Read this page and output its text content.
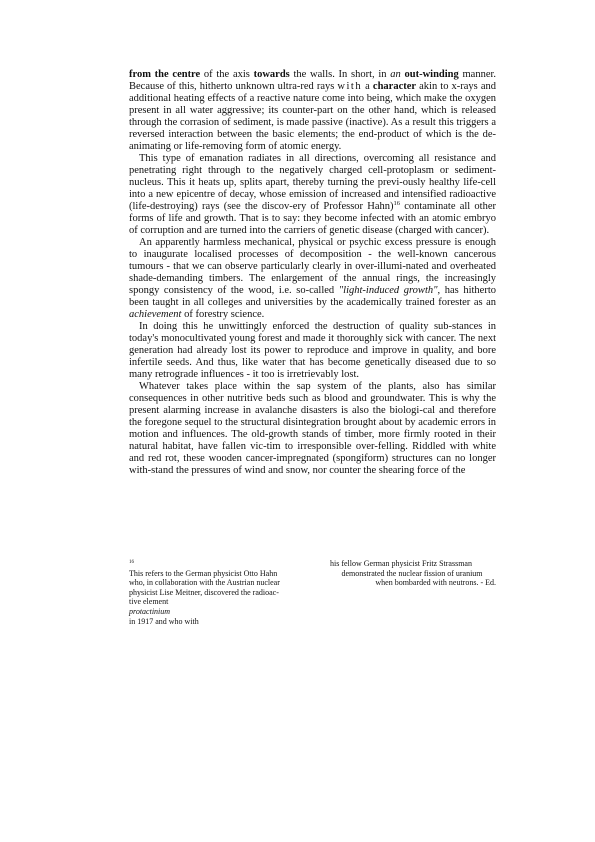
from the centre of the axis towards the walls. In short, in an out-winding manner. Because of this, hitherto unknown ultra-red rays with a character akin to x-rays and additional heating effects of a reactive nature come into being, which make the oxygen present in all water aggressive; its counter-part on the other hand, which is released through the corrasion of sediment, is made passive (inactive). As a result this triggers a reversed interaction between the basic elements; the end-product of which is the de-animating or life-removing form of atomic energy.

This type of emanation radiates in all directions, overcoming all resistance and penetrating right through to the negatively charged cell-protoplasm or sediment-nucleus. This it heats up, splits apart, thereby turning the previ-ously healthy life-cell into a new epicentre of decay, whose emission of increased and intensified radioactive (life-destroying) rays (see the discov-ery of Professor Hahn)$^{16}$ contaminate all other forms of life and growth. That is to say: they become infected with an atomic embryo of corruption and are turned into the carriers of genetic disease (charged with cancer).

An apparently harmless mechanical, physical or psychic excess pressure is enough to inaugurate localised processes of decomposition - the well-known cancerous tumours - that we can observe particularly clearly in over-illumi-nated and overheated shade-demanding timbers. The enlargement of the annual rings, the increasingly spongy consistency of the wood, i.e. so-called "light-induced growth", has hitherto been taught in all colleges and universities by the academically trained forester as an achievement of forestry science.

In doing this he unwittingly enforced the destruction of quality sub-stances in today's monocultivated young forest and made it thoroughly sick with cancer. The next generation had already lost its power to reproduce and improve in quality, and bore infertile seeds. And thus, like water that has become genetically diseased due to so many retrograde influences - it too is irretrievably lost.

Whatever takes place within the sap system of the plants, also has similar consequences in other nutritive beds such as blood and groundwater. This is why the present alarming increase in avalanche disasters is also the biologi-cal and therefore the foregone sequel to the structural disintegration brought about by academic errors in motion and influences. The old-growth stands of timber, more firmly rooted in their natural habitat, have fallen vic-tim to irresponsible over-felling. Riddled with white and red rot, these wooden cancer-impregnated (spongiform) structures can no longer with-stand the pressures of wind and snow, nor counter the shearing force of the

$^{16}$
This refers to the German physicist Otto Hahn
who, in collaboration with the Austrian nuclear
physicist Lise Meitner, discovered the radioac-
tive element
protactinium
in 1917 and who with
his fellow German physicist Fritz Strassman
demonstrated the nuclear fission of uranium
when bombarded with neutrons. - Ed.
